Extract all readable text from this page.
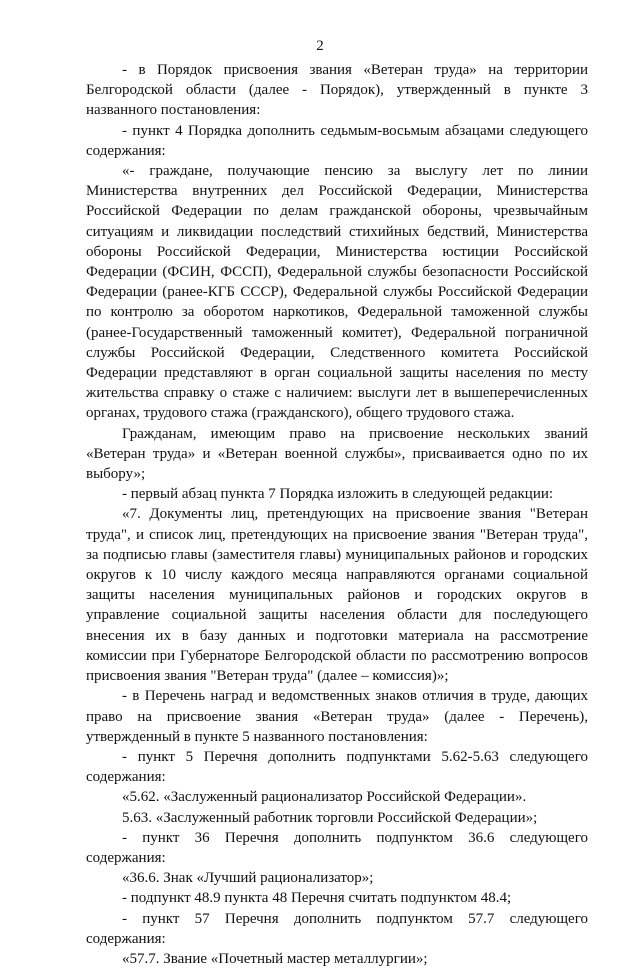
2

- в Порядок присвоения звания «Ветеран труда» на территории Белгородской области (далее - Порядок), утвержденный в пункте 3 названного постановления:

- пункт 4 Порядка дополнить седьмым-восьмым абзацами следующего содержания:

«- граждане, получающие пенсию за выслугу лет по линии Министерства внутренних дел Российской Федерации, Министерства Российской Федерации по делам гражданской обороны, чрезвычайным ситуациям и ликвидации последствий стихийных бедствий, Министерства обороны Российской Федерации, Министерства юстиции Российской Федерации (ФСИН, ФССП), Федеральной службы безопасности Российской Федерации (ранее-КГБ СССР), Федеральной службы Российской Федерации по контролю за оборотом наркотиков, Федеральной таможенной службы (ранее-Государственный таможенный комитет), Федеральной пограничной службы Российской Федерации, Следственного комитета Российской Федерации представляют в орган социальной защиты населения по месту жительства справку о стаже с наличием: выслуги лет в вышеперечисленных органах, трудового стажа (гражданского), общего трудового стажа.

Гражданам, имеющим право на присвоение нескольких званий «Ветеран труда» и «Ветеран военной службы», присваивается одно по их выбору»;

- первый абзац пункта 7 Порядка изложить в следующей редакции:

«7. Документы лиц, претендующих на присвоение звания "Ветеран труда", и список лиц, претендующих на присвоение звания "Ветеран труда", за подписью главы (заместителя главы) муниципальных районов и городских округов к 10 числу каждого месяца направляются органами социальной защиты населения муниципальных районов и городских округов в управление социальной защиты населения области для последующего внесения их в базу данных и подготовки материала на рассмотрение комиссии при Губернаторе Белгородской области по рассмотрению вопросов присвоения звания "Ветеран труда" (далее – комиссия)»;

- в Перечень наград и ведомственных знаков отличия в труде, дающих право на присвоение звания «Ветеран труда» (далее - Перечень), утвержденный в пункте 5 названного постановления:

- пункт 5 Перечня дополнить подпунктами 5.62-5.63 следующего содержания:

«5.62. «Заслуженный рационализатор Российской Федерации».

5.63. «Заслуженный работник торговли Российской Федерации»;

- пункт 36 Перечня дополнить подпунктом 36.6 следующего содержания:

«36.6. Знак «Лучший рационализатор»;

- подпункт 48.9 пункта 48 Перечня считать подпунктом 48.4;

- пункт 57 Перечня дополнить подпунктом 57.7 следующего содержания:

«57.7. Звание «Почетный мастер металлургии»;
